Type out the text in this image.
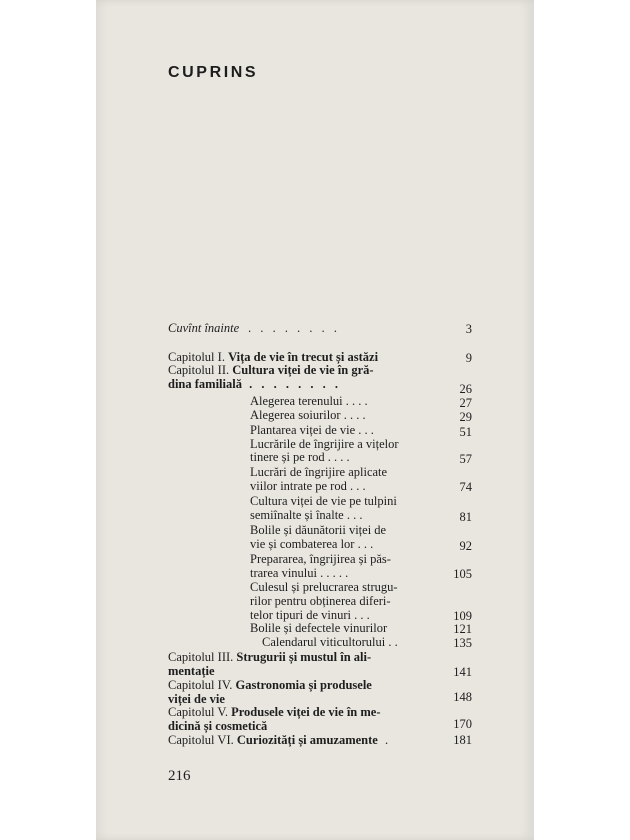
CUPRINS
Cuvînt înainte . . . . . . . .	3
Capitolul I. Vița de vie în trecut și astăzi	9
Capitolul II. Cultura viței de vie în gră-
dina familială . . . . . . . .	26
Alegerea terenului . . . .	27
Alegerea soiurilor . . . .	29
Plantarea viței de vie . . .	51
Lucrările de îngrijire a vițelor
tinere și pe rod . . . .	57
Lucrări de îngrijire aplicate
viilor intrate pe rod . . .	74
Cultura viței de vie pe tulpini
semiînalte și înalte . . .	81
Bolile și dăunătorii viței de
vie și combaterea lor . . .	92
Prepararea, îngrijirea și păs-
trarea vinului . . . . .	105
Culesul și prelucrarea strugu-
rilor pentru obținerea diferi-
telor tipuri de vinuri . . .	109
Bolile și defectele vinurilor	121
Calendarul viticultorului . .	135
Capitolul III. Strugurii și mustul în ali-
mentație	141
Capitolul IV. Gastronomia și produsele
viței de vie	148
Capitolul V. Produsele viței de vie în me-
dicină și cosmetică	170
Capitolul VI. Curiozități și amuzamente .	181
216
